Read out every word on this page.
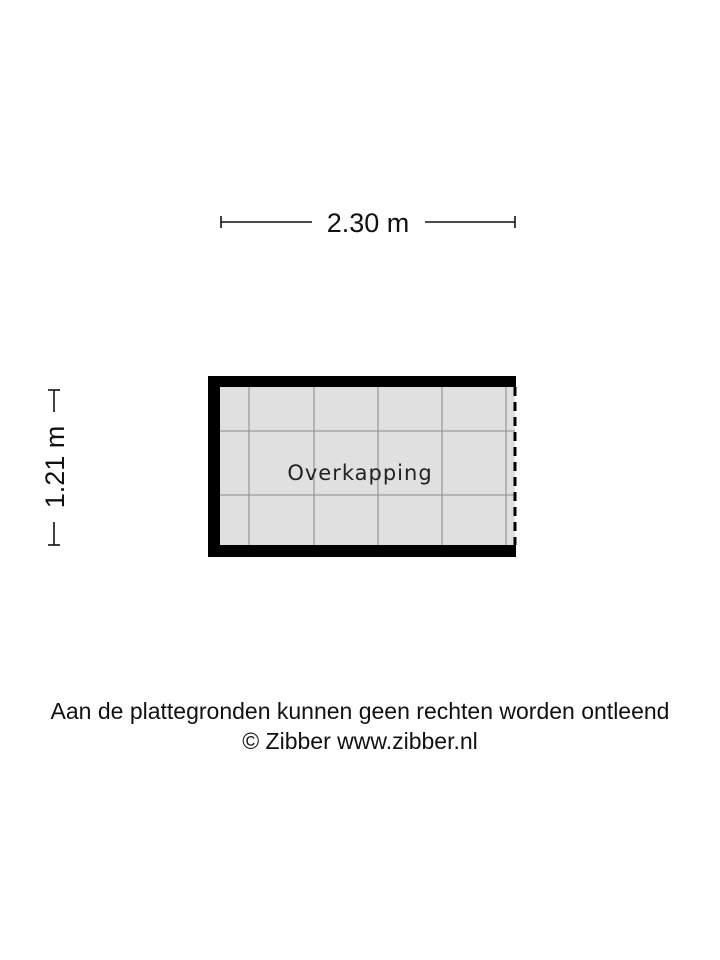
2.30 m
1.21 m	Overkapping
Aan de plattegronden kunnen geen rechten worden ontleend
© Zibber www.zibber.nl
